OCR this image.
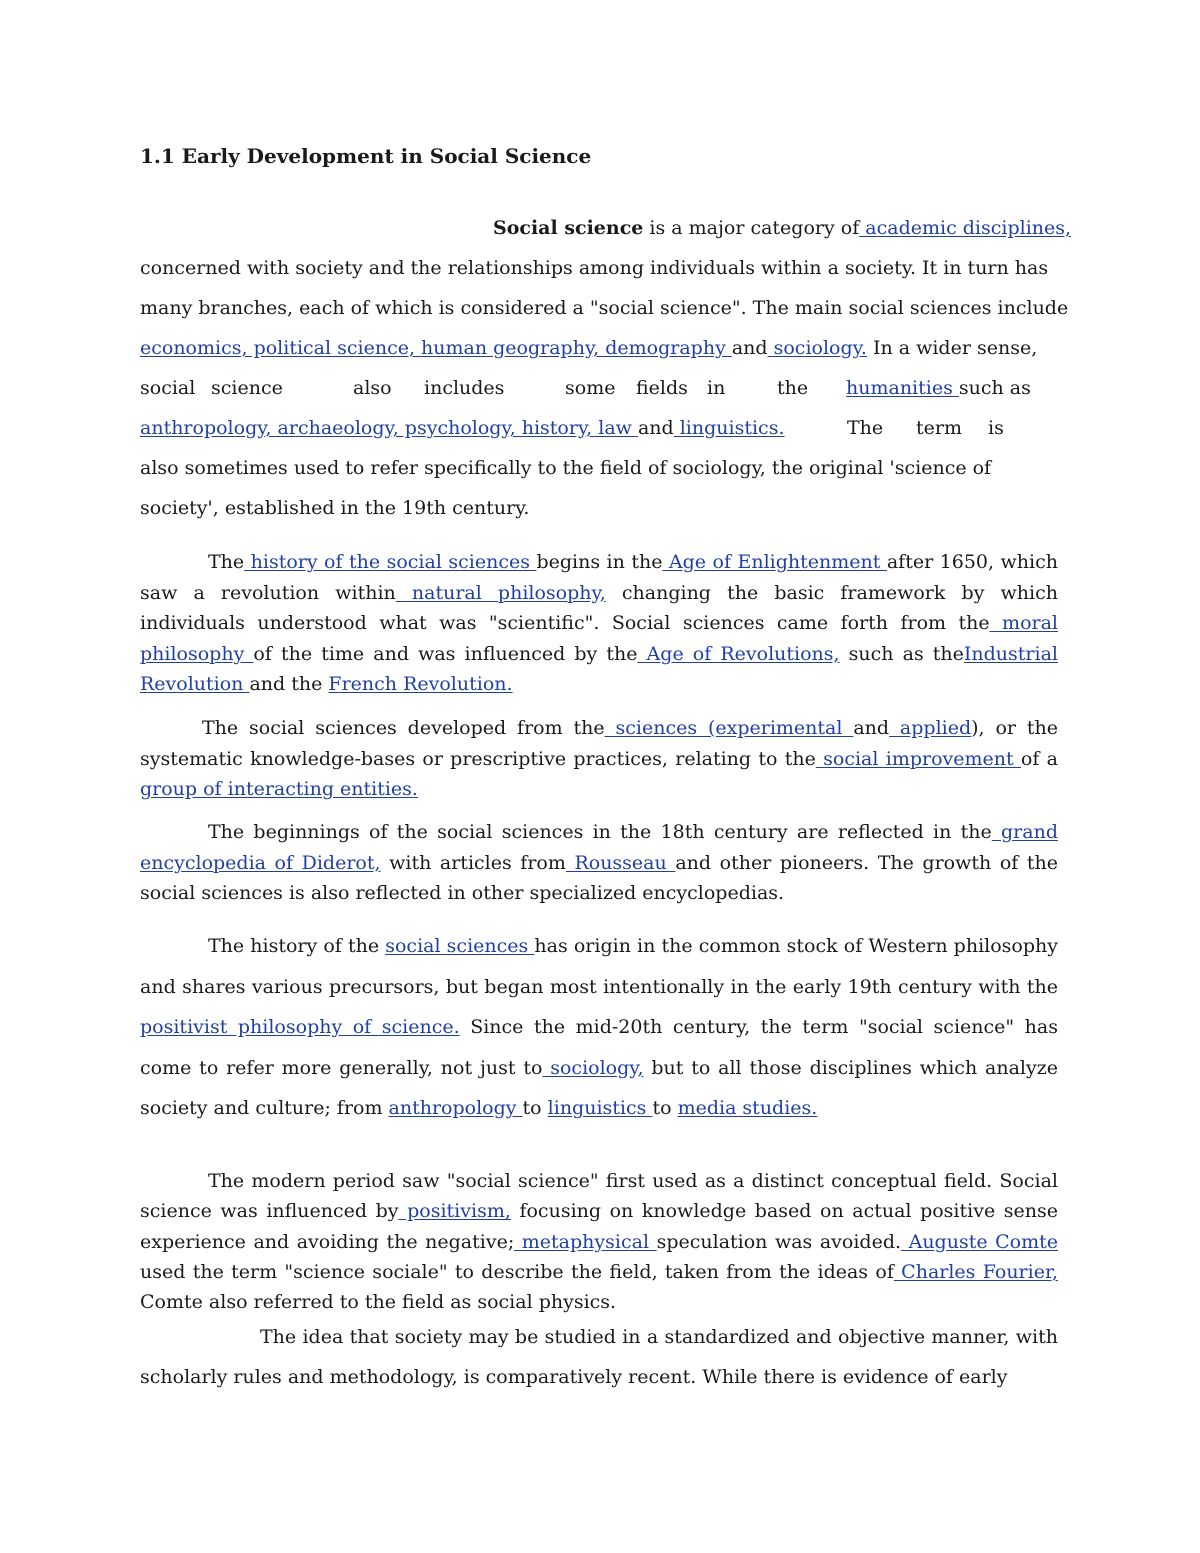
1.1 Early Development in Social Science
Social science is a major category of academic disciplines,
concerned with society and the relationships among individuals within a society. It in turn has
many branches, each of which is considered a "social science". The main social sciences include
economics, political science, human geography, demography and sociology. In a wider sense,
social science	also includes	some fields in	the humanities such as
anthropology, archaeology, psychology, history, law and linguistics.	The term is
also sometimes used to refer specifically to the field of sociology, the original 'science of
society', established in the 19th century.

The history of the social sciences begins in the Age of Enlightenment after 1650, which saw a revolution within natural philosophy, changing the basic framework by which individuals understood what was "scientific". Social sciences came forth from the moral philosophy of the time and was influenced by the Age of Revolutions, such as theIndustrial Revolution and the French Revolution.

The social sciences developed from the sciences (experimental and applied), or the systematic knowledge-bases or prescriptive practices, relating to the social improvement of a group of interacting entities.

The beginnings of the social sciences in the 18th century are reflected in the grand encyclopedia of Diderot, with articles from Rousseau and other pioneers. The growth of the social sciences is also reflected in other specialized encyclopedias.

The history of the social sciences has origin in the common stock of Western philosophy and shares various precursors, but began most intentionally in the early 19th century with the positivist philosophy of science. Since the mid-20th century, the term "social science" has come to refer more generally, not just to sociology, but to all those disciplines which analyze society and culture; from anthropology to linguistics to media studies.

The modern period saw "social science" first used as a distinct conceptual field. Social science was influenced by positivism, focusing on knowledge based on actual positive sense experience and avoiding the negative; metaphysical speculation was avoided. Auguste Comte used the term "science sociale" to describe the field, taken from the ideas of Charles Fourier, Comte also referred to the field as social physics.

The idea that society may be studied in a standardized and objective manner, with scholarly rules and methodology, is comparatively recent. While there is evidence of early
